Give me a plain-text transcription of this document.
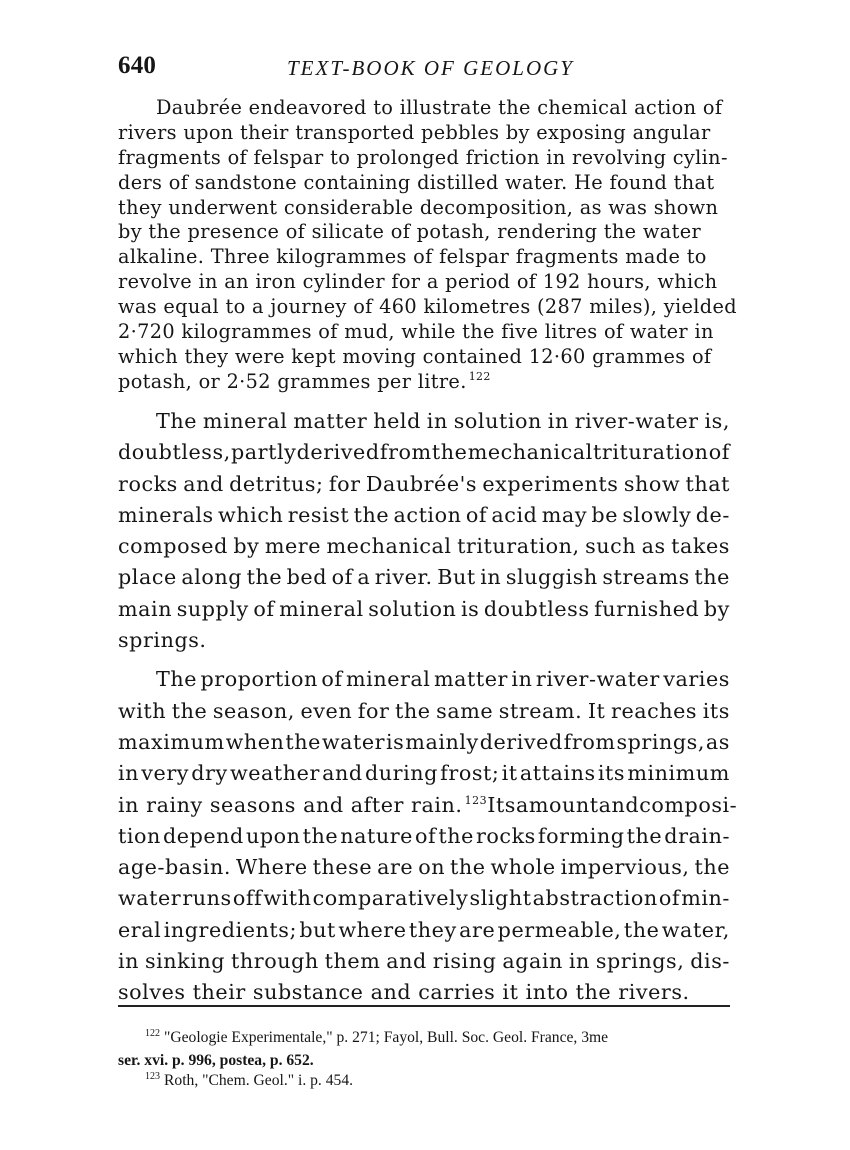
640	TEXT-BOOK OF GEOLOGY
Daubrée endeavored to illustrate the chemical action of
rivers upon their transported pebbles by exposing angular
fragments of felspar to prolonged friction in revolving cylin-
ders of sandstone containing distilled water. He found that
they underwent considerable decomposition, as was shown
by the presence of silicate of potash, rendering the water
alkaline. Three kilogrammes of felspar fragments made to
revolve in an iron cylinder for a period of 192 hours, which
was equal to a journey of 460 kilometres (287 miles), yielded
2·720 kilogrammes of mud, while the five litres of water in
which they were kept moving contained 12·60 grammes of
potash, or 2·52 grammes per litre. $^{122}$
The mineral matter held in solution in river-water is,
doubtless, partly derived from the mechanical trituration of
rocks and detritus; for Daubrée's experiments show that
minerals which resist the action of acid may be slowly de-
composed by mere mechanical trituration, such as takes
place along the bed of a river. But in sluggish streams the
main supply of mineral solution is doubtless furnished by
springs.
The proportion of mineral matter in river-water varies
with the season, even for the same stream. It reaches its
maximum when the water is mainly derived from springs, as
in very dry weather and during frost; it attains its minimum
in rainy seasons and after rain. $^{123}$ Its amount and composi-
tion depend upon the nature of the rocks forming the drain-
age-basin. Where these are on the whole impervious, the
water runs off with comparatively slight abstraction of min-
eral ingredients; but where they are permeable, the water,
in sinking through them and rising again in springs, dis-
solves their substance and carries it into the rivers.
$^{122}$ "Geologie Experimentale," p. 271; Fayol, Bull. Soc. Geol. France, 3me
ser. xvi. p. 996, postea, p. 652.
$^{123}$ Roth, "Chem. Geol." i. p. 454.
